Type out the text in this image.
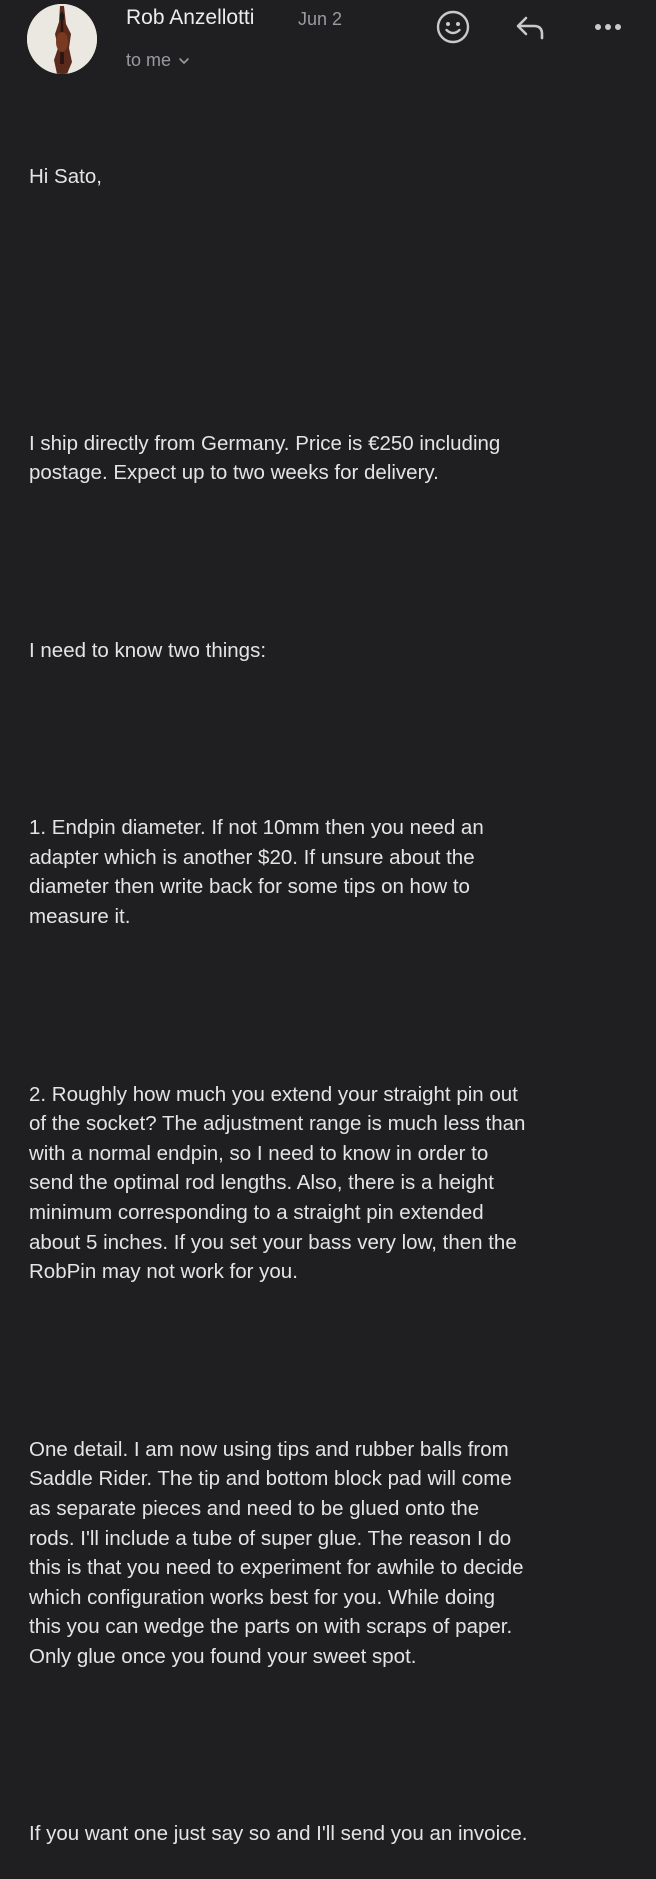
Rob Anzellotti Jun 2
to me

Hi Sato,

I ship directly from Germany. Price is €250 including
postage. Expect up to two weeks for delivery.

I need to know two things:

1. Endpin diameter. If not 10mm then you need an
adapter which is another $20. If unsure about the
diameter then write back for some tips on how to
measure it.

2. Roughly how much you extend your straight pin out
of the socket? The adjustment range is much less than
with a normal endpin, so I need to know in order to
send the optimal rod lengths. Also, there is a height
minimum corresponding to a straight pin extended
about 5 inches. If you set your bass very low, then the
RobPin may not work for you.

One detail. I am now using tips and rubber balls from
Saddle Rider. The tip and bottom block pad will come
as separate pieces and need to be glued onto the
rods. I'll include a tube of super glue. The reason I do
this is that you need to experiment for awhile to decide
which configuration works best for you. While doing
this you can wedge the parts on with scraps of paper.
Only glue once you found your sweet spot.

If you want one just say so and I'll send you an invoice.
